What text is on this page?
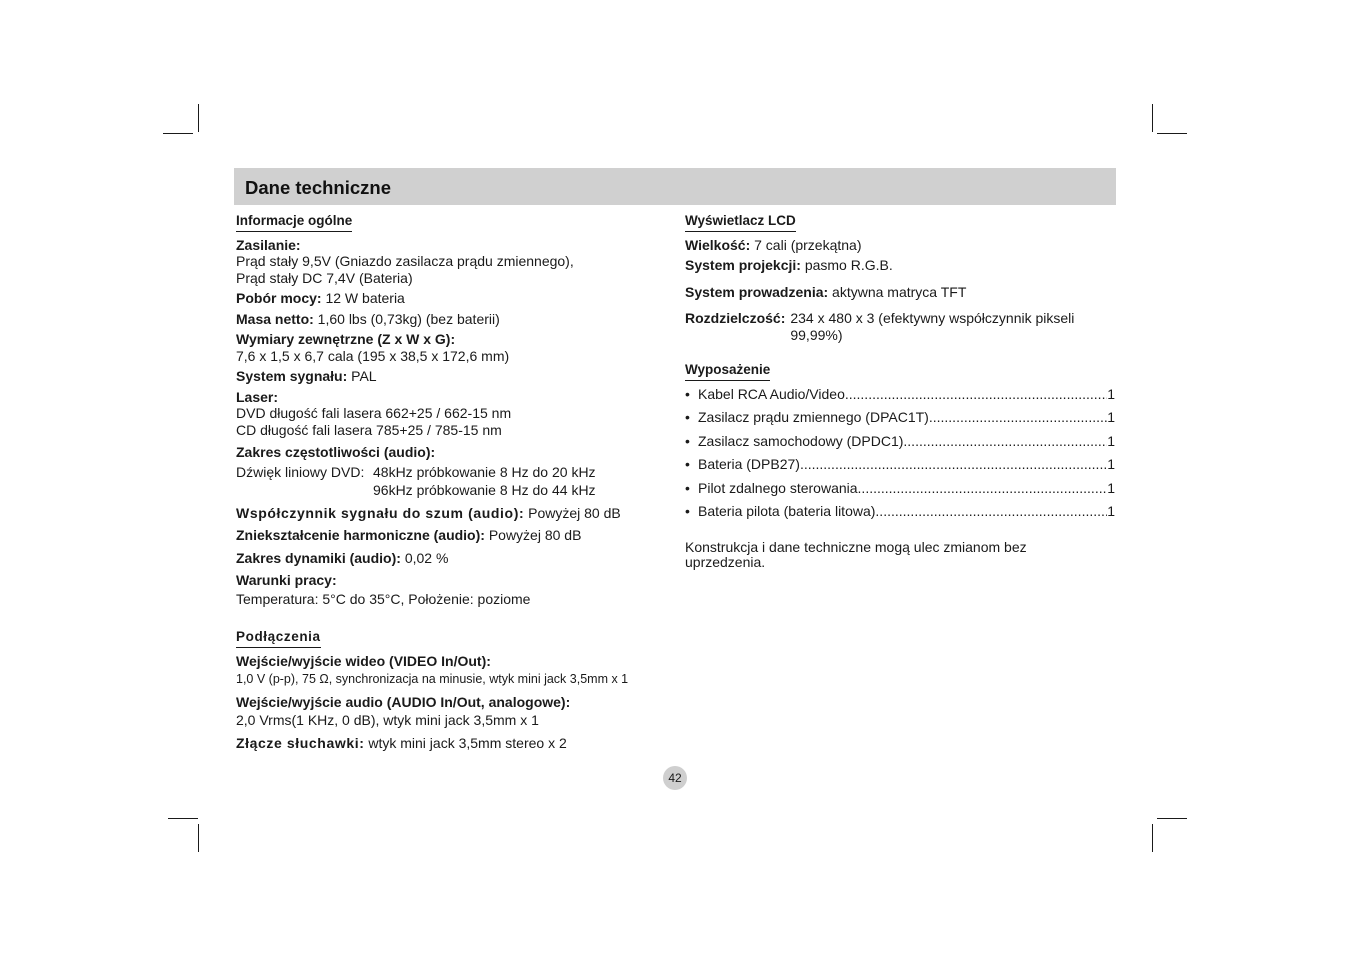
Dane techniczne
Informacje ogólne
Zasilanie:
Prąd stały 9,5V (Gniazdo zasilacza prądu zmiennego),
Prąd stały DC 7,4V (Bateria)
Pobór mocy: 12 W bateria
Masa netto: 1,60 lbs (0,73kg) (bez baterii)
Wymiary zewnętrzne (Z x W x G):
7,6 x 1,5 x 6,7 cala (195 x 38,5 x 172,6 mm)
System sygnału: PAL
Laser:
DVD długość fali lasera 662+25 / 662-15 nm
CD długość fali lasera 785+25 / 785-15 nm
Zakres częstotliwości (audio):
Dźwięk liniowy DVD: 48kHz próbkowanie 8 Hz do 20 kHz
96kHz próbkowanie 8 Hz do 44 kHz
Współczynnik sygnału do szum (audio): Powyżej 80 dB
Zniekształcenie harmoniczne (audio): Powyżej 80 dB
Zakres dynamiki (audio): 0,02 %
Warunki pracy:
Temperatura: 5°C do 35°C, Położenie: poziome
Podłączenia
Wejście/wyjście wideo (VIDEO In/Out):
1,0 V (p-p), 75 Ω, synchronizacja na minusie, wtyk mini jack 3,5mm x 1
Wejście/wyjście audio (AUDIO In/Out, analogowe):
2,0 Vrms(1 KHz, 0 dB), wtyk mini jack 3,5mm x 1
Złącze słuchawki: wtyk mini jack 3,5mm stereo x 2
Wyświetlacz LCD
Wielkość: 7 cali (przekątna)
System projekcji: pasmo R.G.B.
System prowadzenia: aktywna matryca TFT
Rozdzielczość: 234 x 480 x 3 (efektywny współczynnik pikseli 99,99%)
Wyposażenie
• Kabel RCA Audio/Video .....	1
• Zasilacz prądu zmiennego (DPAC1T) .....	1
• Zasilacz samochodowy (DPDC1) .....	1
• Bateria (DPB27) .....	1
• Pilot zdalnego sterowania .....	1
• Bateria pilota (bateria litowa) .....	1
Konstrukcja i dane techniczne mogą ulec zmianom bez uprzedzenia.
42
